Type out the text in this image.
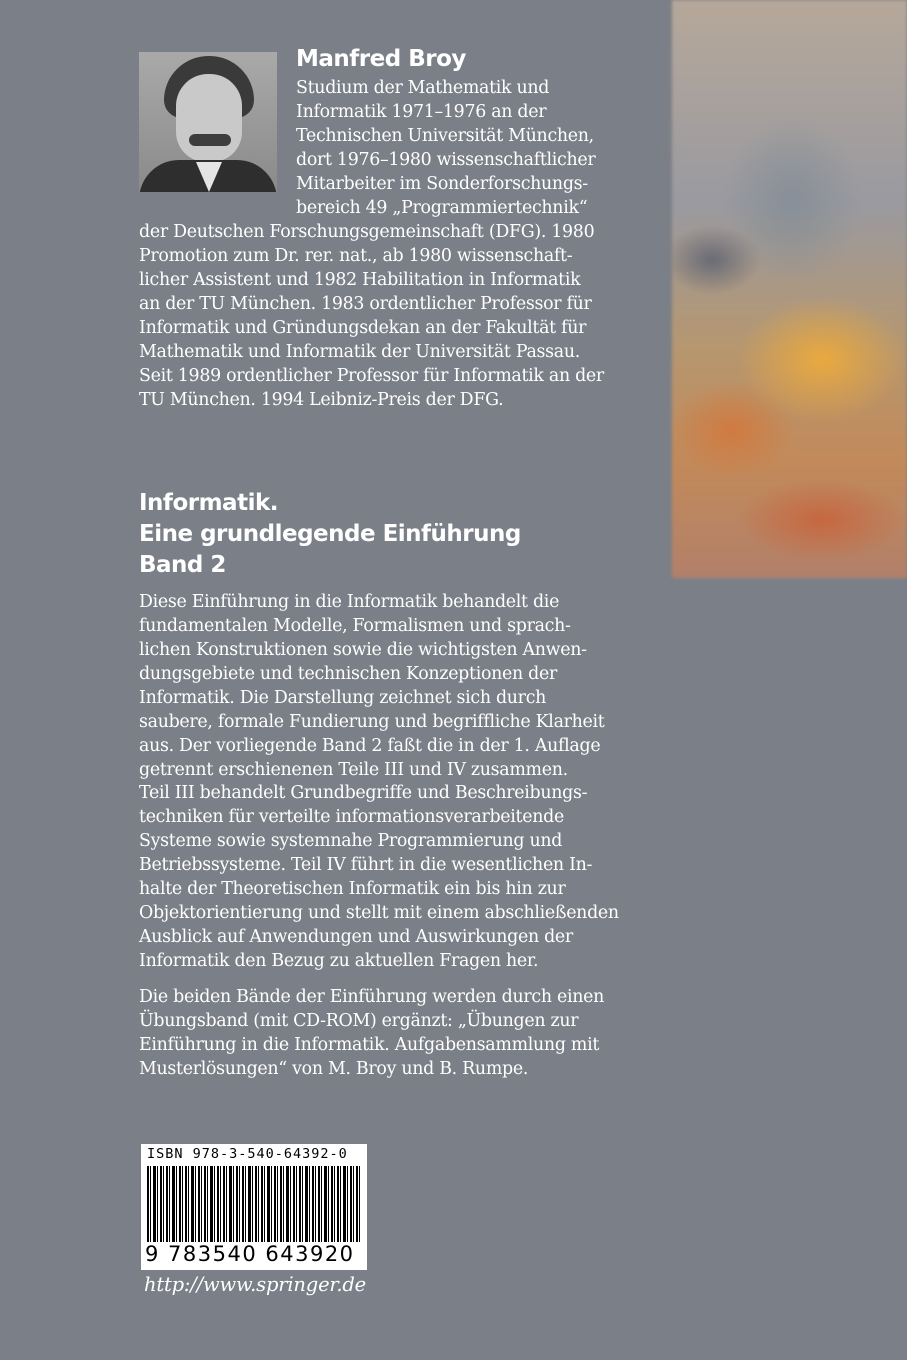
Manfred Broy

Studium der Mathematik und
Informatik 1971–1976 an der
Technischen Universität München,
dort 1976–1980 wissenschaftlicher
Mitarbeiter im Sonderforschungs-
bereich 49 „Programmiertechnik“

der Deutschen Forschungsgemeinschaft (DFG). 1980
Promotion zum Dr. rer. nat., ab 1980 wissenschaft-
licher Assistent und 1982 Habilitation in Informatik
an der TU München. 1983 ordentlicher Professor für
Informatik und Gründungsdekan an der Fakultät für
Mathematik und Informatik der Universität Passau.
Seit 1989 ordentlicher Professor für Informatik an der
TU München. 1994 Leibniz-Preis der DFG.

Informatik.
Eine grundlegende Einführung
Band 2

Diese Einführung in die Informatik behandelt die
fundamentalen Modelle, Formalismen und sprach-
lichen Konstruktionen sowie die wichtigsten Anwen-
dungsgebiete und technischen Konzeptionen der
Informatik. Die Darstellung zeichnet sich durch
saubere, formale Fundierung und begriffliche Klarheit
aus. Der vorliegende Band 2 faßt die in der 1. Auflage
getrennt erschienenen Teile III und IV zusammen.

Teil III behandelt Grundbegriffe und Beschreibungs-
techniken für verteilte informationsverarbeitende
Systeme sowie systemnahe Programmierung und
Betriebssysteme. Teil IV führt in die wesentlichen In-
halte der Theoretischen Informatik ein bis hin zur
Objektorientierung und stellt mit einem abschließenden
Ausblick auf Anwendungen und Auswirkungen der
Informatik den Bezug zu aktuellen Fragen her.

Die beiden Bände der Einführung werden durch einen
Übungsband (mit CD-ROM) ergänzt: „Übungen zur
Einführung in die Informatik. Aufgabensammlung mit
Musterlösungen“ von M. Broy und B. Rumpe.

ISBN 978-3-540-64392-0

9 783540 643920

http://www.springer.de
